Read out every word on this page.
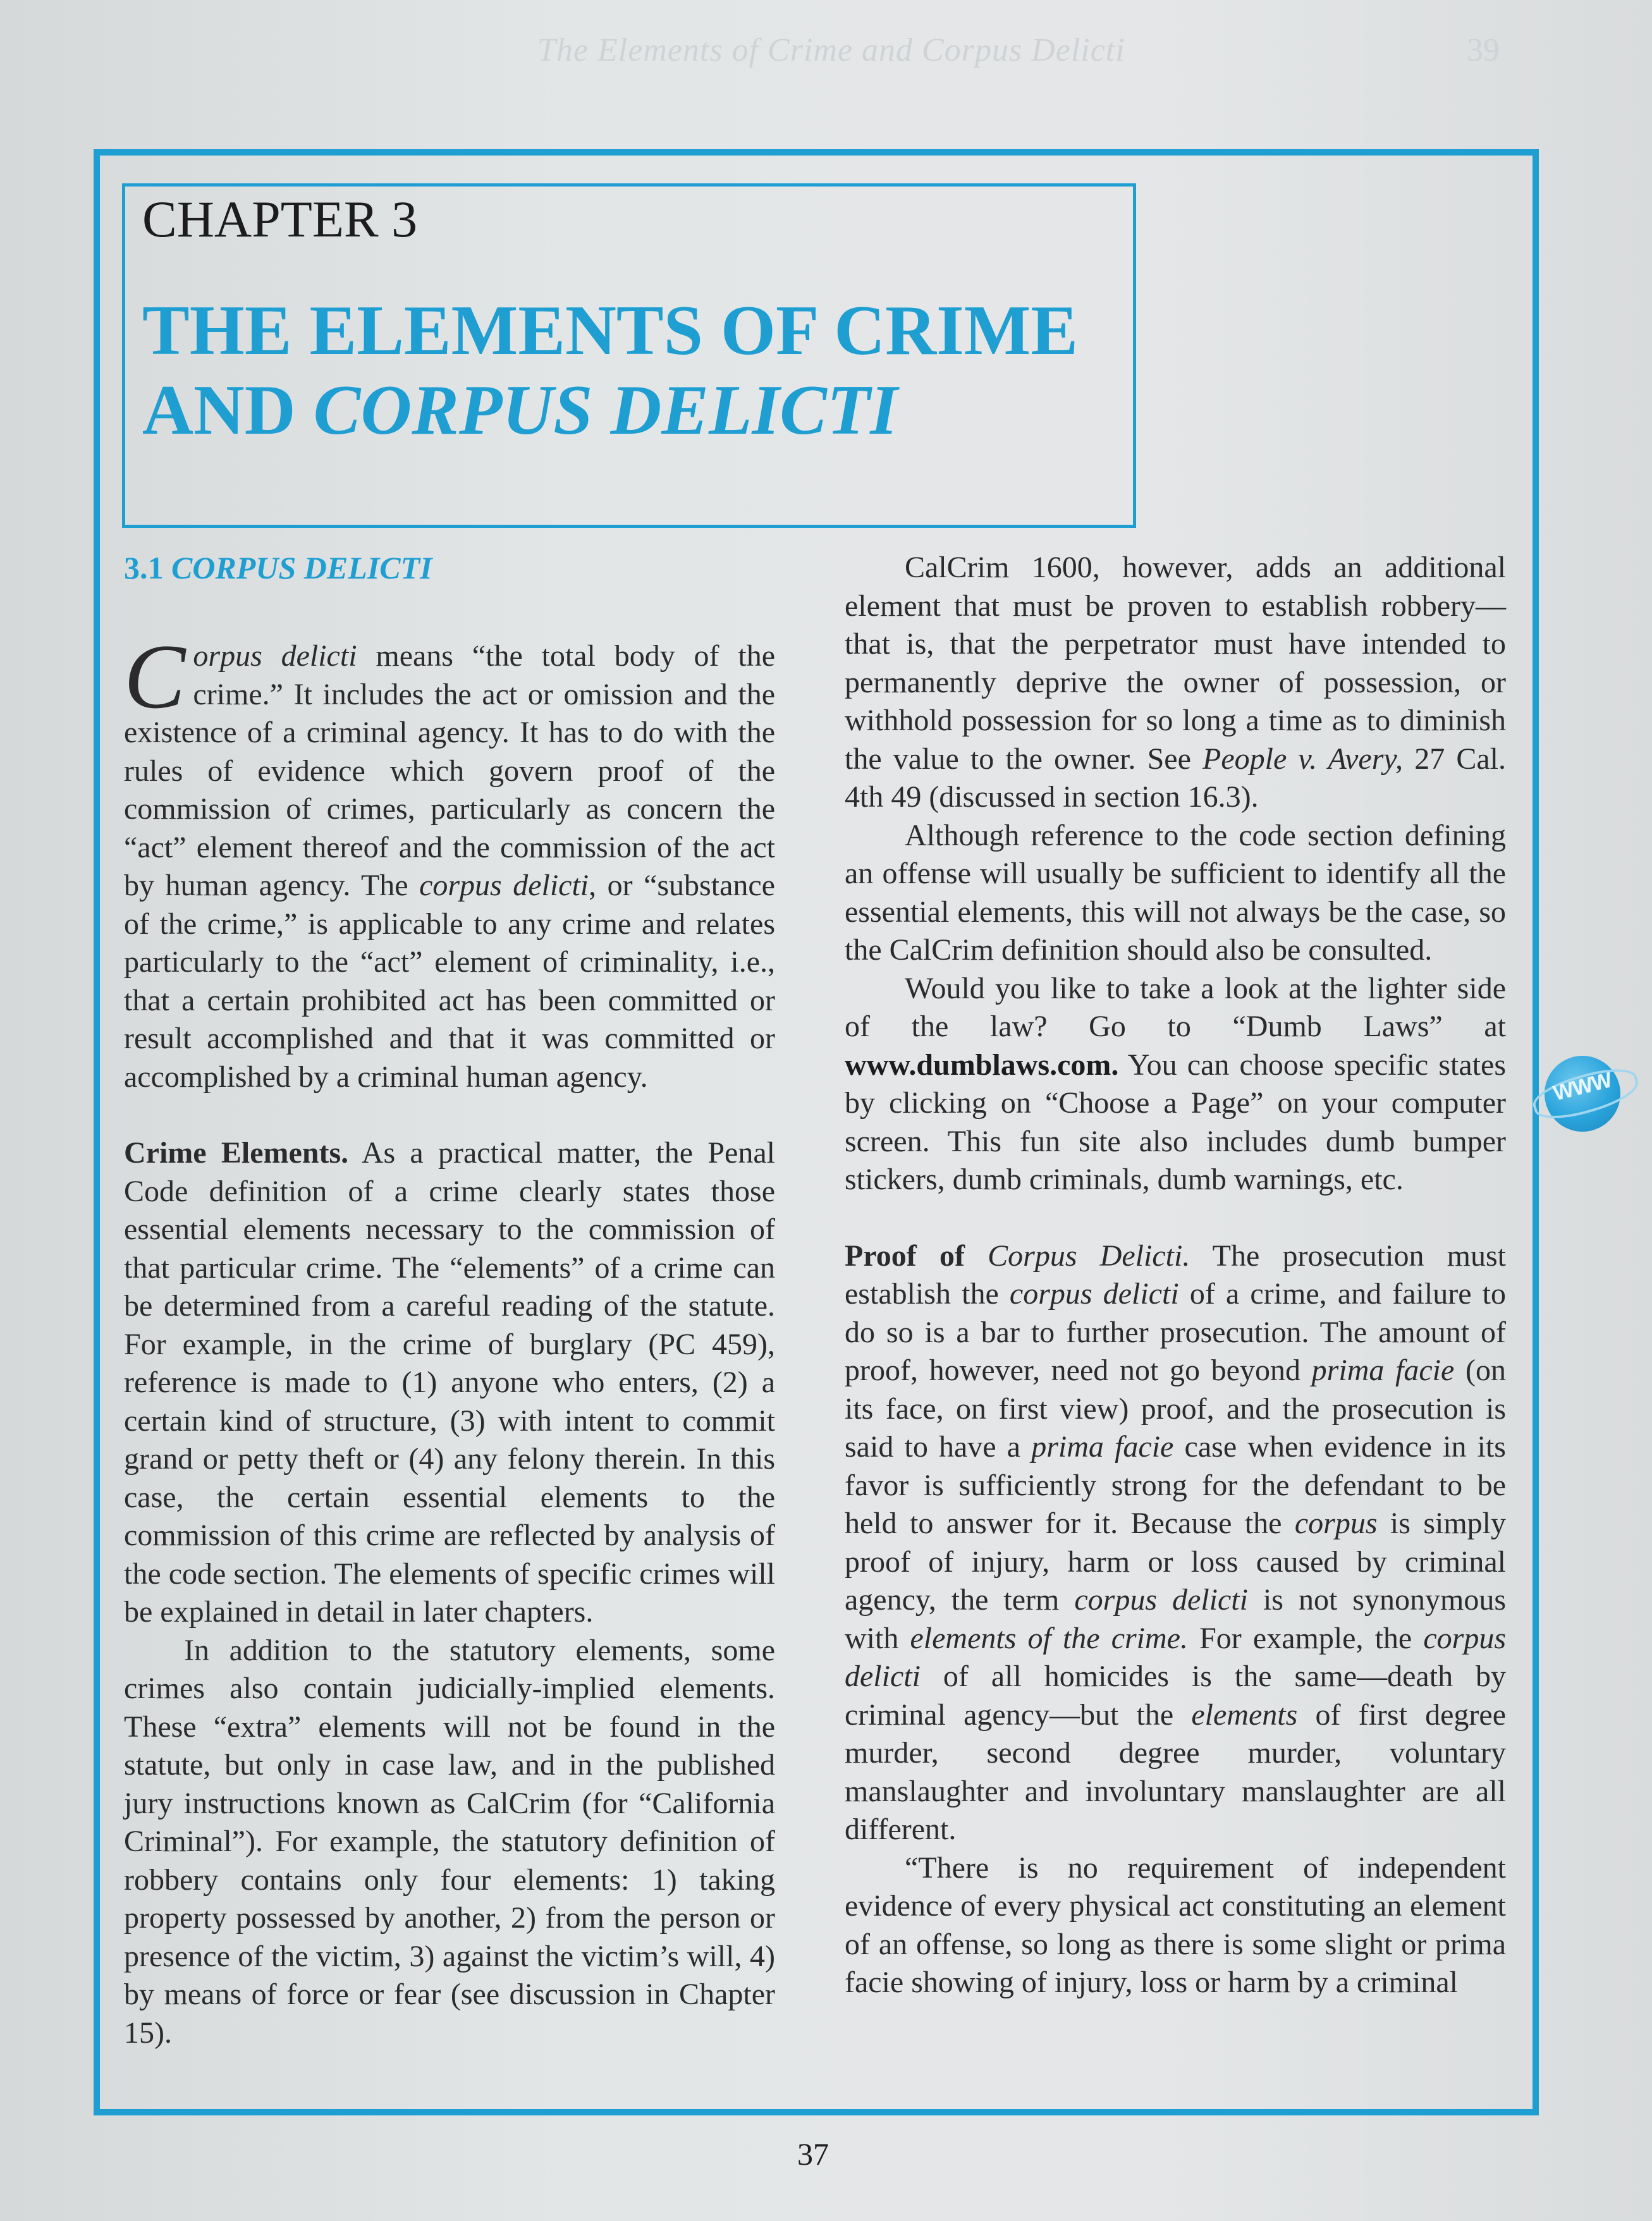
The Elements of Crime and Corpus Delicti	39
CHAPTER 3
THE ELEMENTS OF CRIME
AND CORPUS DELICTI

3.1 CORPUS DELICTI

Corpus delicti means “the total body of the crime.” It includes the act or omission and the existence of a criminal agency. It has to do with the rules of evidence which govern proof of the commission of crimes, particularly as concern the “act” element thereof and the commission of the act by human agency. The corpus delicti, or “substance of the crime,” is applicable to any crime and relates particularly to the “act” element of criminality, i.e., that a certain prohibited act has been committed or result accomplished and that it was committed or accomplished by a criminal human agency.

Crime Elements. As a practical matter, the Penal Code definition of a crime clearly states those essential elements necessary to the commission of that particular crime. The “elements” of a crime can be determined from a careful reading of the statute. For example, in the crime of burglary (PC 459), reference is made to (1) anyone who enters, (2) a certain kind of structure, (3) with intent to commit grand or petty theft or (4) any felony therein. In this case, the certain essential elements to the commission of this crime are reflected by analysis of the code section. The elements of specific crimes will be explained in detail in later chapters.

In addition to the statutory elements, some crimes also contain judicially-implied elements. These “extra” elements will not be found in the statute, but only in case law, and in the published jury instructions known as CalCrim (for “California Criminal”). For example, the statutory definition of robbery contains only four elements: 1) taking property possessed by another, 2) from the person or presence of the victim, 3) against the victim’s will, 4) by means of force or fear (see discussion in Chapter 15).

CalCrim 1600, however, adds an additional element that must be proven to establish robbery—that is, that the perpetrator must have intended to permanently deprive the owner of possession, or withhold possession for so long a time as to diminish the value to the owner. See People v. Avery, 27 Cal. 4th 49 (discussed in section 16.3).

Although reference to the code section defining an offense will usually be sufficient to identify all the essential elements, this will not always be the case, so the CalCrim definition should also be consulted.

Would you like to take a look at the lighter side of the law? Go to “Dumb Laws” at www.dumblaws.com. You can choose specific states by clicking on “Choose a Page” on your computer screen. This fun site also includes dumb bumper stickers, dumb criminals, dumb warnings, etc.

Proof of Corpus Delicti. The prosecution must establish the corpus delicti of a crime, and failure to do so is a bar to further prosecution. The amount of proof, however, need not go beyond prima facie (on its face, on first view) proof, and the prosecution is said to have a prima facie case when evidence in its favor is sufficiently strong for the defendant to be held to answer for it. Because the corpus is simply proof of injury, harm or loss caused by criminal agency, the term corpus delicti is not synonymous with elements of the crime. For example, the corpus delicti of all homicides is the same—death by criminal agency—but the elements of first degree murder, second degree murder, voluntary manslaughter and involuntary manslaughter are all different.

“There is no requirement of independent evidence of every physical act constituting an element of an offense, so long as there is some slight or prima facie showing of injury, loss or harm by a criminal

WWW
37
